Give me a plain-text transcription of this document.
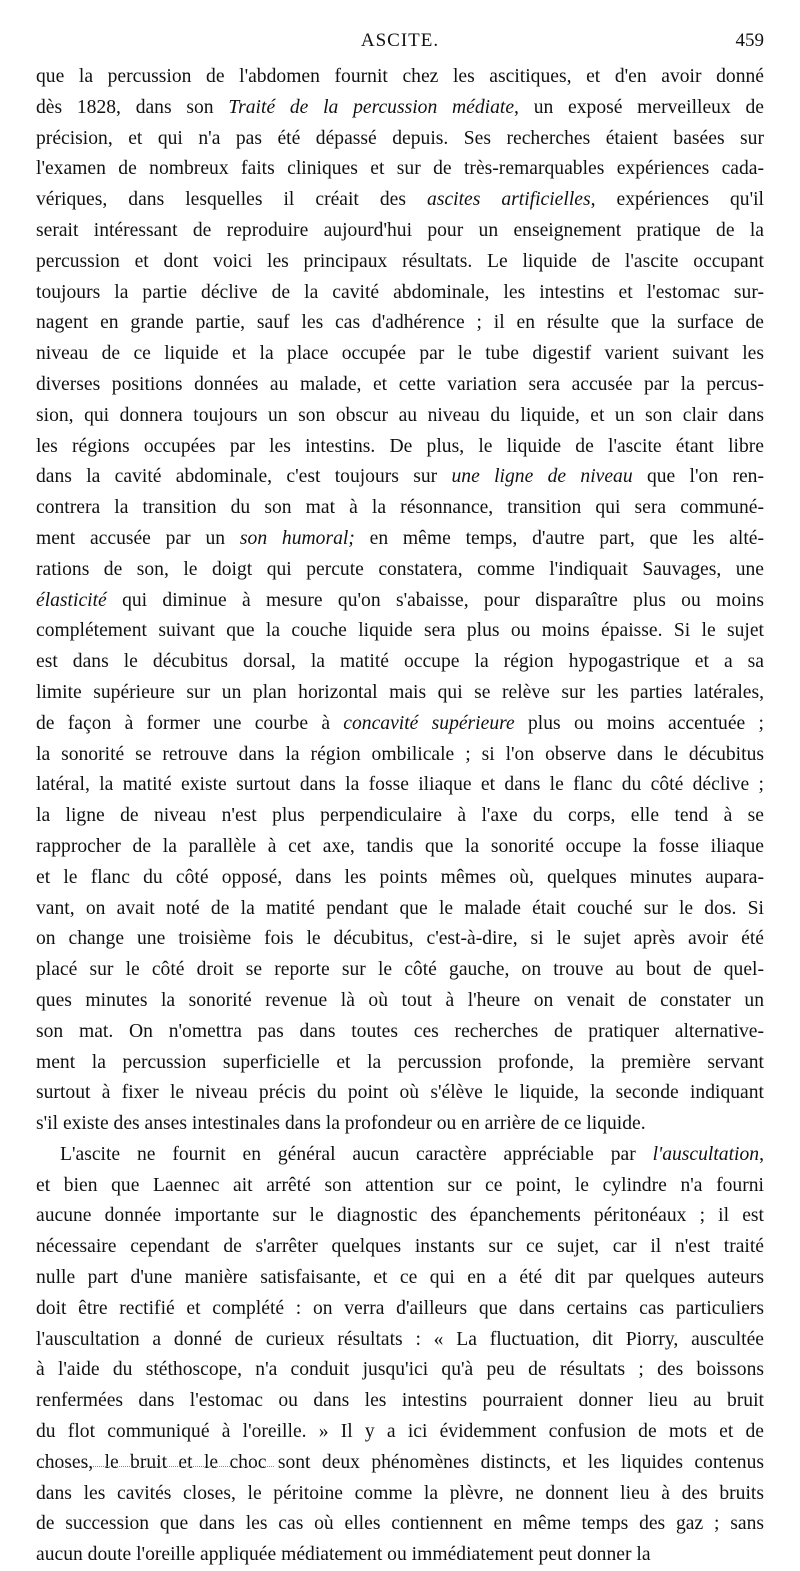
ASCITE.	459
que la percussion de l'abdomen fournit chez les ascitiques, et d'en avoir donné
dès 1828, dans son Traité de la percussion médiate, un exposé merveilleux de
précision, et qui n'a pas été dépassé depuis. Ses recherches étaient basées sur
l'examen de nombreux faits cliniques et sur de très-remarquables expériences cada-
vériques, dans lesquelles il créait des ascites artificielles, expériences qu'il
serait intéressant de reproduire aujourd'hui pour un enseignement pratique de la
percussion et dont voici les principaux résultats. Le liquide de l'ascite occupant
toujours la partie déclive de la cavité abdominale, les intestins et l'estomac sur-
nagent en grande partie, sauf les cas d'adhérence ; il en résulte que la surface de
niveau de ce liquide et la place occupée par le tube digestif varient suivant les
diverses positions données au malade, et cette variation sera accusée par la percus-
sion, qui donnera toujours un son obscur au niveau du liquide, et un son clair dans
les régions occupées par les intestins. De plus, le liquide de l'ascite étant libre
dans la cavité abdominale, c'est toujours sur une ligne de niveau que l'on ren-
contrera la transition du son mat à la résonnance, transition qui sera communé-
ment accusée par un son humoral; en même temps, d'autre part, que les alté-
rations de son, le doigt qui percute constatera, comme l'indiquait Sauvages, une
élasticité qui diminue à mesure qu'on s'abaisse, pour disparaître plus ou moins
complétement suivant que la couche liquide sera plus ou moins épaisse. Si le sujet
est dans le décubitus dorsal, la matité occupe la région hypogastrique et a sa
limite supérieure sur un plan horizontal mais qui se relève sur les parties latérales,
de façon à former une courbe à concavité supérieure plus ou moins accentuée ;
la sonorité se retrouve dans la région ombilicale ; si l'on observe dans le décubitus
latéral, la matité existe surtout dans la fosse iliaque et dans le flanc du côté déclive ;
la ligne de niveau n'est plus perpendiculaire à l'axe du corps, elle tend à se
rapprocher de la parallèle à cet axe, tandis que la sonorité occupe la fosse iliaque
et le flanc du côté opposé, dans les points mêmes où, quelques minutes aupara-
vant, on avait noté de la matité pendant que le malade était couché sur le dos. Si
on change une troisième fois le décubitus, c'est-à-dire, si le sujet après avoir été
placé sur le côté droit se reporte sur le côté gauche, on trouve au bout de quel-
ques minutes la sonorité revenue là où tout à l'heure on venait de constater un
son mat. On n'omettra pas dans toutes ces recherches de pratiquer alternative-
ment la percussion superficielle et la percussion profonde, la première servant
surtout à fixer le niveau précis du point où s'élève le liquide, la seconde indiquant
s'il existe des anses intestinales dans la profondeur ou en arrière de ce liquide.
L'ascite ne fournit en général aucun caractère appréciable par l'auscultation,
et bien que Laennec ait arrêté son attention sur ce point, le cylindre n'a fourni
aucune donnée importante sur le diagnostic des épanchements péritonéaux ; il est
nécessaire cependant de s'arrêter quelques instants sur ce sujet, car il n'est traité
nulle part d'une manière satisfaisante, et ce qui en a été dit par quelques auteurs
doit être rectifié et complété : on verra d'ailleurs que dans certains cas particuliers
l'auscultation a donné de curieux résultats : « La fluctuation, dit Piorry, auscultée
à l'aide du stéthoscope, n'a conduit jusqu'ici qu'à peu de résultats ; des boissons
renfermées dans l'estomac ou dans les intestins pourraient donner lieu au bruit
du flot communiqué à l'oreille. » Il y a ici évidemment confusion de mots et de
choses, le bruit et le choc sont deux phénomènes distincts, et les liquides contenus
dans les cavités closes, le péritoine comme la plèvre, ne donnent lieu à des bruits
de succession que dans les cas où elles contiennent en même temps des gaz ; sans
aucun doute l'oreille appliquée médiatement ou immédiatement peut donner la
